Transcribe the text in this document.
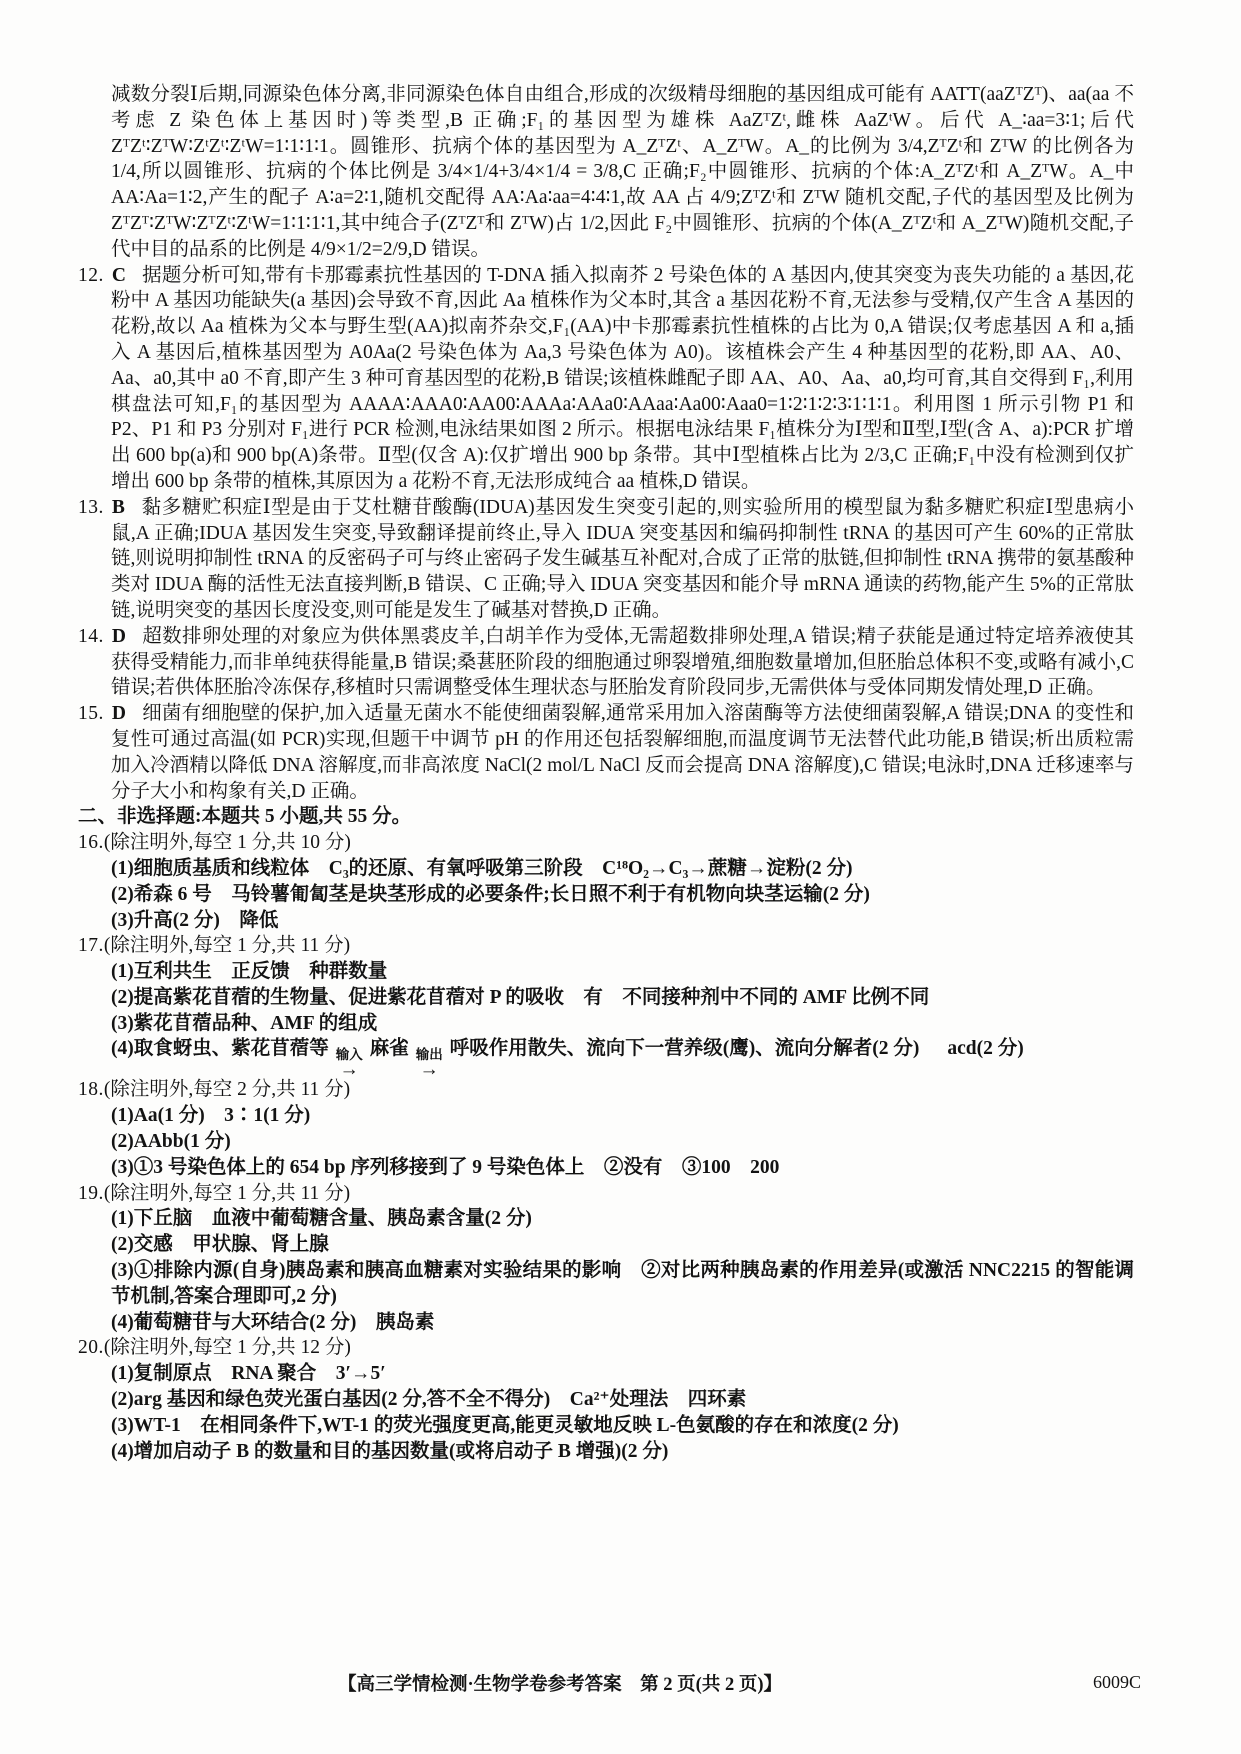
减数分裂Ⅰ后期,同源染色体分离,非同源染色体自由组合,形成的次级精母细胞的基因组成可能有 AATT(aaZᵀZᵀ)、aa(aa 不考虑 Z 染色体上基因时)等类型,B 正确;F₁的基因型为雄株 AaZᵀZᵗ,雌株 AaZᵗW。后代 A_∶aa=3∶1;后代 ZᵀZᵗ∶ZᵀW∶ZᵗZᵗ∶ZᵗW=1∶1∶1∶1。圆锥形、抗病个体的基因型为 A_ZᵀZᵗ、A_ZᵀW。A_的比例为 3/4,ZᵀZᵗ和 ZᵀW 的比例各为 1/4,所以圆锥形、抗病的个体比例是 3/4×1/4+3/4×1/4 = 3/8,C 正确;F₂中圆锥形、抗病的个体:A_ZᵀZᵗ和 A_ZᵀW。A_中 AA∶Aa=1∶2,产生的配子 A∶a=2∶1,随机交配得 AA∶Aa∶aa=4∶4∶1,故 AA 占 4/9;ZᵀZᵗ和 ZᵀW 随机交配,子代的基因型及比例为 ZᵀZᵀ∶ZᵀW∶ZᵀZᵗ∶ZᵗW=1∶1∶1∶1,其中纯合子(ZᵀZᵀ和 ZᵀW)占 1/2,因此 F₂中圆锥形、抗病的个体(A_ZᵀZᵗ和 A_ZᵀW)随机交配,子代中目的品系的比例是 4/9×1/2=2/9,D 错误。

12. C 据题分析可知,带有卡那霉素抗性基因的 T-DNA 插入拟南芥 2 号染色体的 A 基因内,使其突变为丧失功能的 a 基因,花粉中 A 基因功能缺失(a 基因)会导致不育,因此 Aa 植株作为父本时,其含 a 基因花粉不育,无法参与受精,仅产生含 A 基因的花粉,故以 Aa 植株为父本与野生型(AA)拟南芥杂交,F₁(AA)中卡那霉素抗性植株的占比为 0,A 错误;仅考虑基因 A 和 a,插入 A 基因后,植株基因型为 A0Aa(2 号染色体为 Aa,3 号染色体为 A0)。该植株会产生 4 种基因型的花粉,即 AA、A0、Aa、a0,其中 a0 不育,即产生 3 种可育基因型的花粉,B 错误;该植株雌配子即 AA、A0、Aa、a0,均可育,其自交得到 F₁,利用棋盘法可知,F₁的基因型为 AAAA∶AAA0∶AA00∶AAAa∶AAa0∶AAaa∶Aa00∶Aaa0=1∶2∶1∶2∶3∶1∶1∶1。利用图 1 所示引物 P1 和 P2、P1 和 P3 分别对 F₁进行 PCR 检测,电泳结果如图 2 所示。根据电泳结果 F₁植株分为Ⅰ型和Ⅱ型,Ⅰ型(含 A、a):PCR 扩增出 600 bp(a)和 900 bp(A)条带。Ⅱ型(仅含 A):仅扩增出 900 bp 条带。其中Ⅰ型植株占比为 2/3,C 正确;F₁中没有检测到仅扩增出 600 bp 条带的植株,其原因为 a 花粉不育,无法形成纯合 aa 植株,D 错误。

13. B 黏多糖贮积症Ⅰ型是由于艾杜糖苷酸酶(IDUA)基因发生突变引起的,则实验所用的模型鼠为黏多糖贮积症Ⅰ型患病小鼠,A 正确;IDUA 基因发生突变,导致翻译提前终止,导入 IDUA 突变基因和编码抑制性 tRNA 的基因可产生 60%的正常肽链,则说明抑制性 tRNA 的反密码子可与终止密码子发生碱基互补配对,合成了正常的肽链,但抑制性 tRNA 携带的氨基酸种类对 IDUA 酶的活性无法直接判断,B 错误、C 正确;导入 IDUA 突变基因和能介导 mRNA 通读的药物,能产生 5%的正常肽链,说明突变的基因长度没变,则可能是发生了碱基对替换,D 正确。

14. D 超数排卵处理的对象应为供体黑裘皮羊,白胡羊作为受体,无需超数排卵处理,A 错误;精子获能是通过特定培养液使其获得受精能力,而非单纯获得能量,B 错误;桑葚胚阶段的细胞通过卵裂增殖,细胞数量增加,但胚胎总体积不变,或略有减小,C 错误;若供体胚胎冷冻保存,移植时只需调整受体生理状态与胚胎发育阶段同步,无需供体与受体同期发情处理,D 正确。

15. D 细菌有细胞壁的保护,加入适量无菌水不能使细菌裂解,通常采用加入溶菌酶等方法使细菌裂解,A 错误;DNA 的变性和复性可通过高温(如 PCR)实现,但题干中调节 pH 的作用还包括裂解细胞,而温度调节无法替代此功能,B 错误;析出质粒需加入冷酒精以降低 DNA 溶解度,而非高浓度 NaCl(2 mol/L NaCl 反而会提高 DNA 溶解度),C 错误;电泳时,DNA 迁移速率与分子大小和构象有关,D 正确。

二、非选择题:本题共 5 小题,共 55 分。

16.(除注明外,每空 1 分,共 10 分)

(1)细胞质基质和线粒体　C₃的还原、有氧呼吸第三阶段　C¹⁸O₂→C₃→蔗糖→淀粉(2 分)

(2)希森 6 号　马铃薯匍匐茎是块茎形成的必要条件;长日照不利于有机物向块茎运输(2 分)

(3)升高(2 分)　降低

17.(除注明外,每空 1 分,共 11 分)

(1)互利共生　正反馈　种群数量

(2)提高紫花苜蓿的生物量、促进紫花苜蓿对 P 的吸收　有　不同接种剂中不同的 AMF 比例不同

(3)紫花苜蓿品种、AMF 的组成

(4)取食蚜虫、紫花苜蓿等 输入
→
麻雀 输出
→
呼吸作用散失、流向下一营养级(鹰)、流向分解者(2 分) acd(2 分)

18.(除注明外,每空 2 分,共 11 分)

(1)Aa(1 分)　3∶1(1 分)

(2)AAbb(1 分)

(3)①3 号染色体上的 654 bp 序列移接到了 9 号染色体上　②没有　③100　200

19.(除注明外,每空 1 分,共 11 分)

(1)下丘脑　血液中葡萄糖含量、胰岛素含量(2 分)

(2)交感　甲状腺、肾上腺

(3)①排除内源(自身)胰岛素和胰高血糖素对实验结果的影响　②对比两种胰岛素的作用差异(或激活 NNC2215 的智能调节机制,答案合理即可,2 分)

(4)葡萄糖苷与大环结合(2 分)　胰岛素

20.(除注明外,每空 1 分,共 12 分)

(1)复制原点　RNA 聚合　3′→5′

(2)arg 基因和绿色荧光蛋白基因(2 分,答不全不得分)　Ca²⁺处理法　四环素

(3)WT-1　在相同条件下,WT-1 的荧光强度更高,能更灵敏地反映 L-色氨酸的存在和浓度(2 分)

(4)增加启动子 B 的数量和目的基因数量(或将启动子 B 增强)(2 分)

【高三学情检测·生物学卷参考答案　第 2 页(共 2 页)】	6009C
